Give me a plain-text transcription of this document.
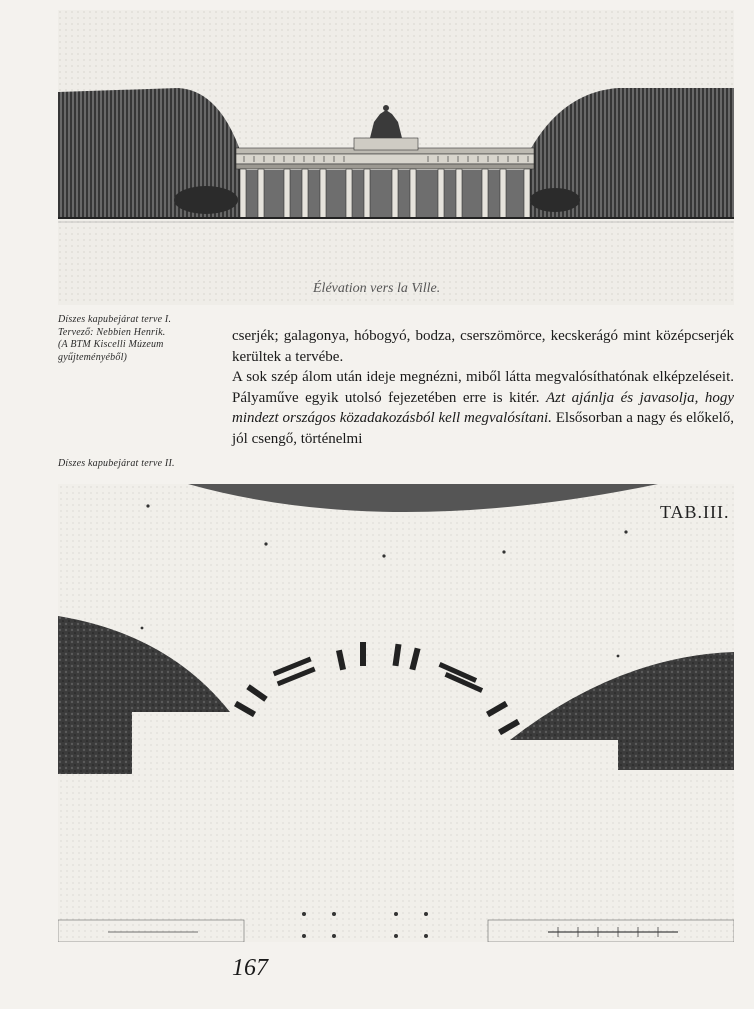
Élévation vers la Ville.
Díszes kapubejárat terve I.
Tervező: Nebbien Henrik.
(A BTM Kiscelli Múzeum
gyűjteményéből)

cserjék; galagonya, hóbogyó, bodza, cserszömörce, kecskerágó mint középcserjék kerültek a tervébe.

A sok szép álom után ideje megnézni, miből látta megvalósíthatónak elképzeléseit. Pályaműve egyik utolsó fejezetében erre is kitér. Azt ajánlja és javasolja, hogy mindezt országos közadakozásból kell megvalósítani. Elsősorban a nagy és előkelő, jól csengő, történelmi

Díszes kapubejárat terve II.
TAB.III.
167
